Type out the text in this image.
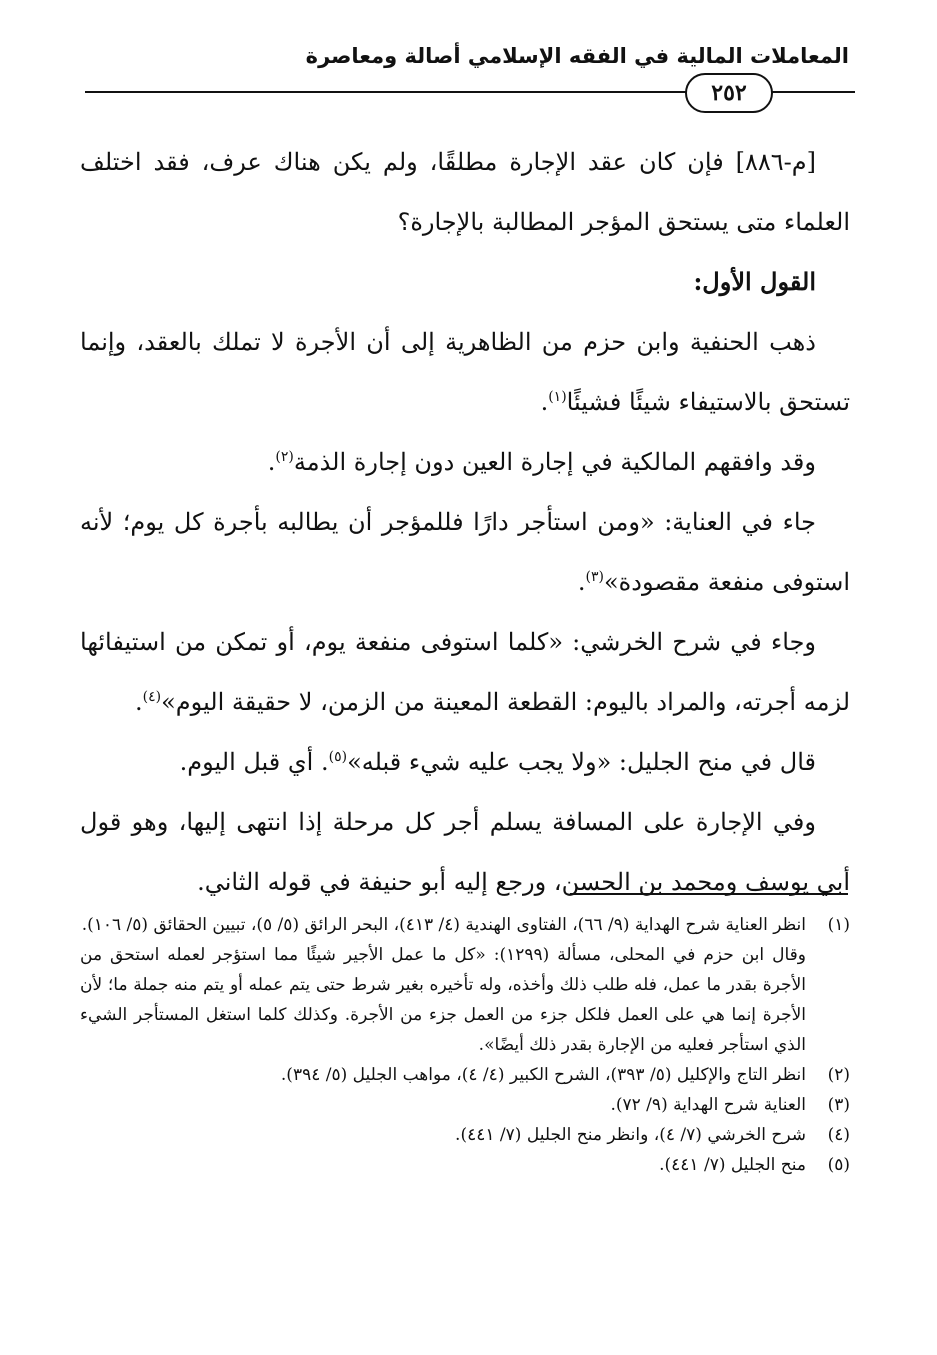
المعاملات المالية في الفقه الإسلامي أصالة ومعاصرة
٢٥٢

[م-٨٨٦] فإن كان عقد الإجارة مطلقًا، ولم يكن هناك عرف، فقد اختلف العلماء متى يستحق المؤجر المطالبة بالإجارة؟

القول الأول:

ذهب الحنفية وابن حزم من الظاهرية إلى أن الأجرة لا تملك بالعقد، وإنما تستحق بالاستيفاء شيئًا فشيئًا$^{(١)}$.

وقد وافقهم المالكية في إجارة العين دون إجارة الذمة$^{(٢)}$.

جاء في العناية: «ومن استأجر دارًا فللمؤجر أن يطالبه بأجرة كل يوم؛ لأنه استوفى منفعة مقصودة»$^{(٣)}$.

وجاء في شرح الخرشي: «كلما استوفى منفعة يوم، أو تمكن من استيفائها لزمه أجرته، والمراد باليوم: القطعة المعينة من الزمن، لا حقيقة اليوم»$^{(٤)}$.

قال في منح الجليل: «ولا يجب عليه شيء قبله»$^{(٥)}$. أي قبل اليوم.

وفي الإجارة على المسافة يسلم أجر كل مرحلة إذا انتهى إليها، وهو قول أبي يوسف ومحمد بن الحسن، ورجع إليه أبو حنيفة في قوله الثاني.

(١)
انظر العناية شرح الهداية (٩/ ٦٦)، الفتاوى الهندية (٤/ ٤١٣)، البحر الرائق (٥/ ٥)، تبيين الحقائق (٥/ ١٠٦).
وقال ابن حزم في المحلى، مسألة (١٢٩٩): «كل ما عمل الأجير شيئًا مما استؤجر لعمله استحق من الأجرة بقدر ما عمل، فله طلب ذلك وأخذه، وله تأخيره بغير شرط حتى يتم عمله أو يتم منه جملة ما؛ لأن الأجرة إنما هي على العمل فلكل جزء من العمل جزء من الأجرة. وكذلك كلما استغل المستأجر الشيء الذي استأجر فعليه من الإجارة بقدر ذلك أيضًا».
(٢)
انظر التاج والإكليل (٥/ ٣٩٣)، الشرح الكبير (٤/ ٤)، مواهب الجليل (٥/ ٣٩٤).
(٣)
العناية شرح الهداية (٩/ ٧٢).
(٤)
شرح الخرشي (٧/ ٤)، وانظر منح الجليل (٧/ ٤٤١).
(٥)
منح الجليل (٧/ ٤٤١).
